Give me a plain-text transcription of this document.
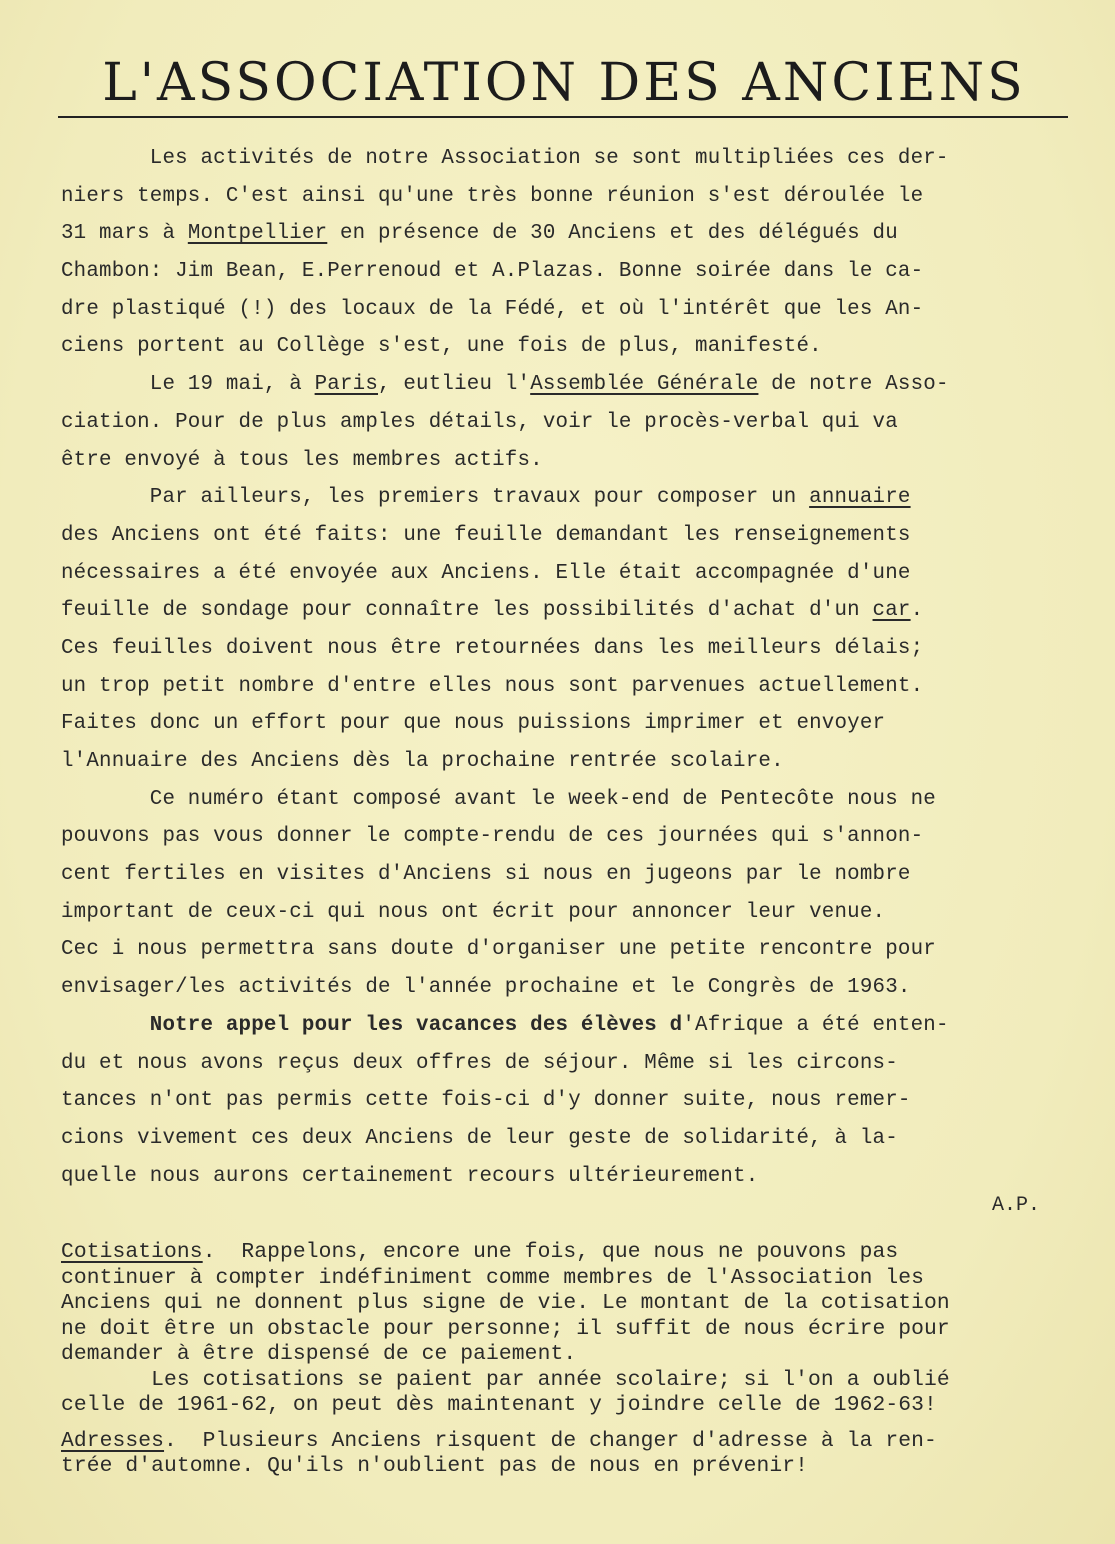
L'ASSOCIATION DES ANCIENS
Les activités de notre Association se sont multipliées ces der-
niers temps. C'est ainsi qu'une très bonne réunion s'est déroulée le
31 mars à Montpellier en présence de 30 Anciens et des délégués du
Chambon: Jim Bean, E.Perrenoud et A.Plazas. Bonne soirée dans le ca-
dre plastiqué (!) des locaux de la Fédé, et où l'intérêt que les An-
ciens portent au Collège s'est, une fois de plus, manifesté.
Le 19 mai, à Paris, eutlieu l'Assemblée Générale de notre Asso-
ciation. Pour de plus amples détails, voir le procès-verbal qui va
être envoyé à tous les membres actifs.
Par ailleurs, les premiers travaux pour composer un annuaire
des Anciens ont été faits: une feuille demandant les renseignements
nécessaires a été envoyée aux Anciens. Elle était accompagnée d'une
feuille de sondage pour connaître les possibilités d'achat d'un car.
Ces feuilles doivent nous être retournées dans les meilleurs délais;
un trop petit nombre d'entre elles nous sont parvenues actuellement.
Faites donc un effort pour que nous puissions imprimer et envoyer
l'Annuaire des Anciens dès la prochaine rentrée scolaire.
Ce numéro étant composé avant le week-end de Pentecôte nous ne
pouvons pas vous donner le compte-rendu de ces journées qui s'annon-
cent fertiles en visites d'Anciens si nous en jugeons par le nombre
important de ceux-ci qui nous ont écrit pour annoncer leur venue.
Cec i nous permettra sans doute d'organiser une petite rencontre pour
envisager/les activités de l'année prochaine et le Congrès de 1963.
Notre appel pour les vacances des élèves d'Afrique a été enten-
du et nous avons reçus deux offres de séjour. Même si les circons-
tances n'ont pas permis cette fois-ci d'y donner suite, nous remer-
cions vivement ces deux Anciens de leur geste de solidarité, à la-
quelle nous aurons certainement recours ultérieurement.
A.P.
Cotisations.  Rappelons, encore une fois, que nous ne pouvons pas
continuer à compter indéfiniment comme membres de l'Association les
Anciens qui ne donnent plus signe de vie. Le montant de la cotisation
ne doit être un obstacle pour personne; il suffit de nous écrire pour
demander à être dispensé de ce paiement.
Les cotisations se paient par année scolaire; si l'on a oublié
celle de 1961-62, on peut dès maintenant y joindre celle de 1962-63!
Adresses.  Plusieurs Anciens risquent de changer d'adresse à la ren-
trée d'automne. Qu'ils n'oublient pas de nous en prévenir!
